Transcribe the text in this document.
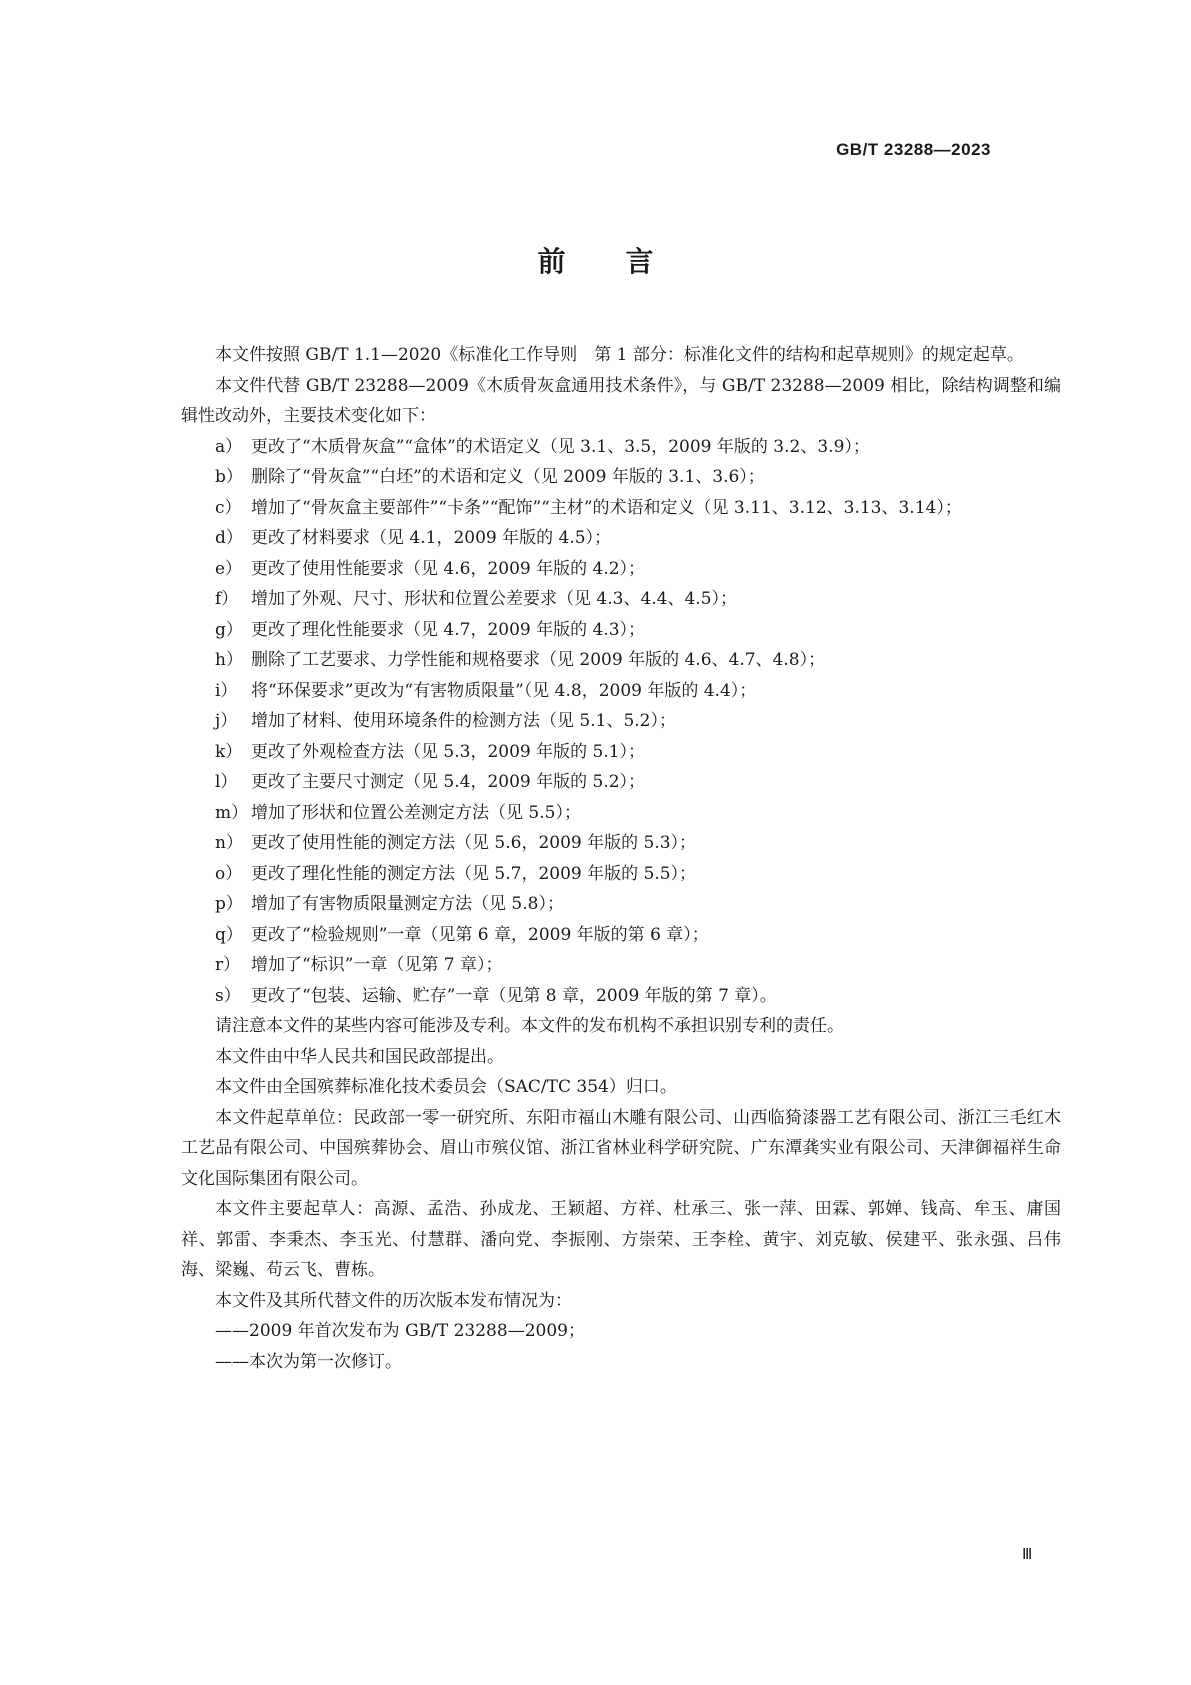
GB/T 23288—2023
前言

本文件按照 GB/T 1.1—2020《标准化工作导则　第 1 部分：标准化文件的结构和起草规则》的规定起草。

本文件代替 GB/T 23288—2009《木质骨灰盒通用技术条件》，与 GB/T 23288—2009 相比，除结构调整和编辑性改动外，主要技术变化如下：

a） 更改了“木质骨灰盒”“盒体”的术语定义（见 3.1、3.5，2009 年版的 3.2、3.9）；

b） 删除了“骨灰盒”“白坯”的术语和定义（见 2009 年版的 3.1、3.6）；

c） 增加了“骨灰盒主要部件”“卡条”“配饰”“主材”的术语和定义（见 3.11、3.12、3.13、3.14）；

d） 更改了材料要求（见 4.1，2009 年版的 4.5）；

e） 更改了使用性能要求（见 4.6，2009 年版的 4.2）；

f） 增加了外观、尺寸、形状和位置公差要求（见 4.3、4.4、4.5）；

g） 更改了理化性能要求（见 4.7，2009 年版的 4.3）；

h） 删除了工艺要求、力学性能和规格要求（见 2009 年版的 4.6、4.7、4.8）；

i） 将“环保要求”更改为“有害物质限量”（见 4.8，2009 年版的 4.4）；

j） 增加了材料、使用环境条件的检测方法（见 5.1、5.2）；

k） 更改了外观检查方法（见 5.3，2009 年版的 5.1）；

l） 更改了主要尺寸测定（见 5.4，2009 年版的 5.2）；

m） 增加了形状和位置公差测定方法（见 5.5）；

n） 更改了使用性能的测定方法（见 5.6，2009 年版的 5.3）；

o） 更改了理化性能的测定方法（见 5.7，2009 年版的 5.5）；

p） 增加了有害物质限量测定方法（见 5.8）；

q） 更改了“检验规则”一章（见第 6 章，2009 年版的第 6 章）；

r） 增加了“标识”一章（见第 7 章）；

s） 更改了“包装、运输、贮存”一章（见第 8 章，2009 年版的第 7 章）。

请注意本文件的某些内容可能涉及专利。本文件的发布机构不承担识别专利的责任。

本文件由中华人民共和国民政部提出。

本文件由全国殡葬标准化技术委员会（SAC/TC 354）归口。

本文件起草单位：民政部一零一研究所、东阳市福山木雕有限公司、山西临猗漆器工艺有限公司、浙江三毛红木工艺品有限公司、中国殡葬协会、眉山市殡仪馆、浙江省林业科学研究院、广东潭龚实业有限公司、天津御福祥生命文化国际集团有限公司。

本文件主要起草人：高源、孟浩、孙成龙、王颖超、方祥、杜承三、张一萍、田霖、郭婵、钱高、牟玉、庸国祥、郭雷、李秉杰、李玉光、付慧群、潘向党、李振刚、方崇荣、王李栓、黄宇、刘克敏、侯建平、张永强、吕伟海、梁巍、苟云飞、曹栋。

本文件及其所代替文件的历次版本发布情况为：

——2009 年首次发布为 GB/T 23288—2009；

——本次为第一次修订。

Ⅲ
